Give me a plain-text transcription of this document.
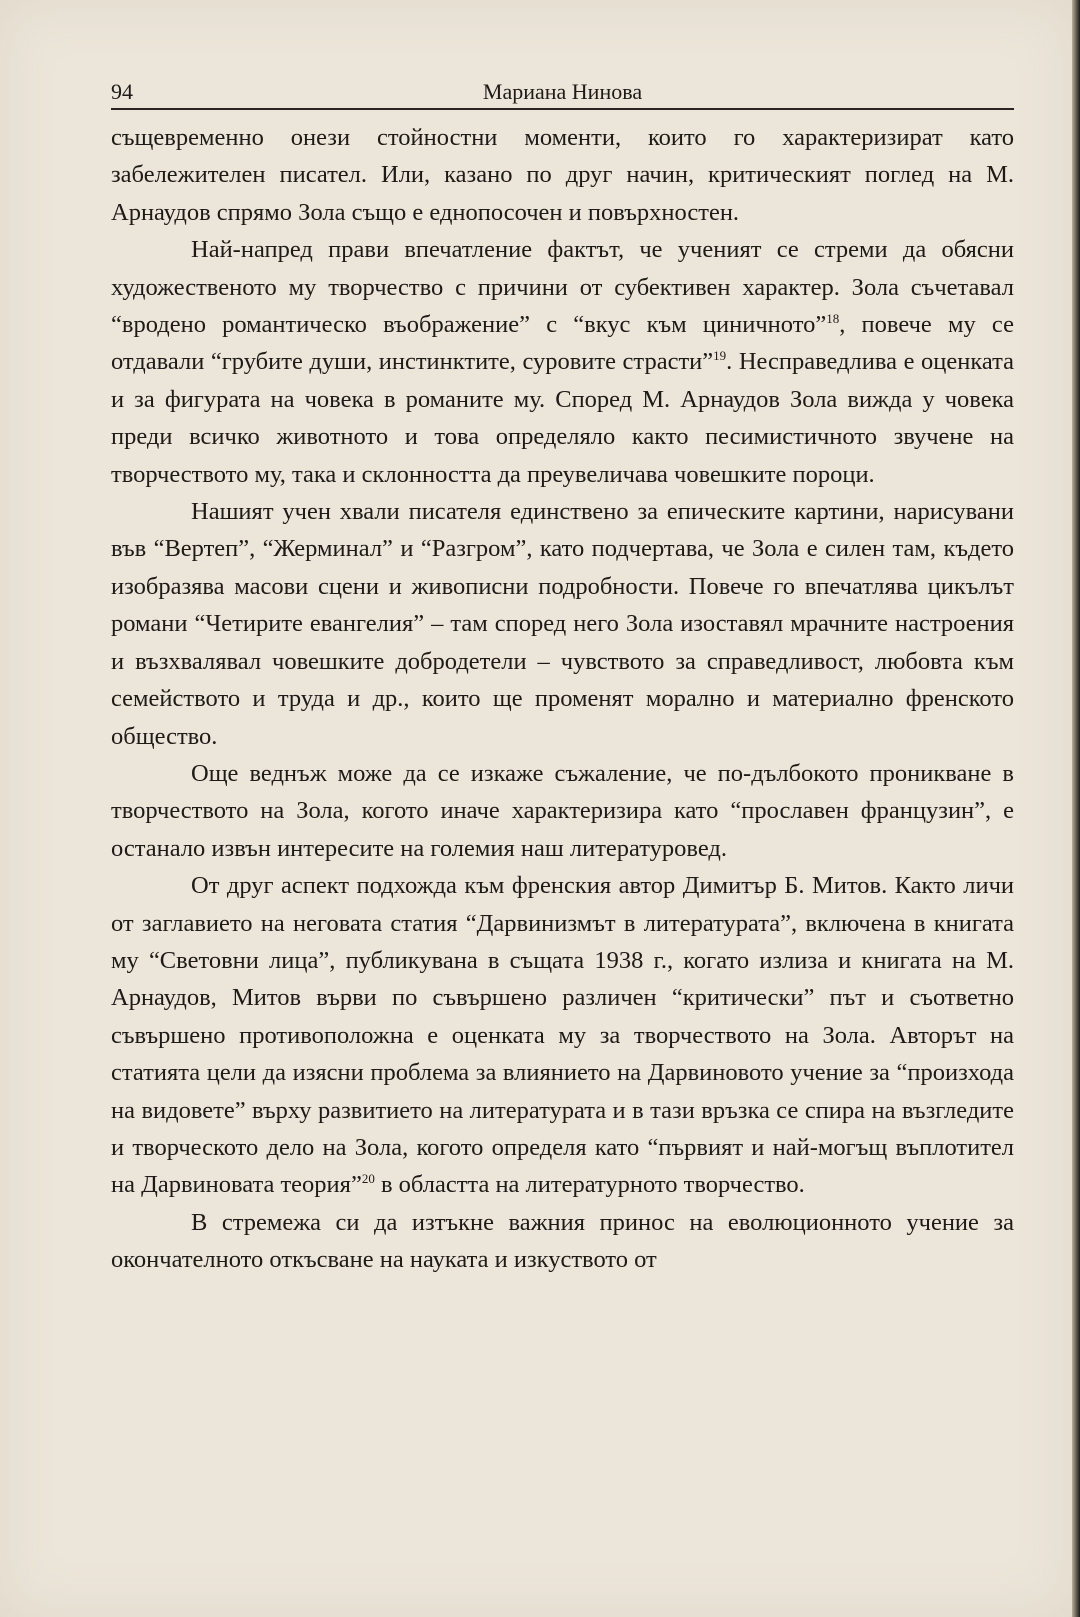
94	Мариана Нинова

същевременно онези стойностни моменти, които го характеризират като забележителен писател. Или, казано по друг начин, критическият поглед на М. Арнаудов спрямо Зола също е еднопосочен и повърхностен.

Най-напред прави впечатление фактът, че ученият се стреми да обясни художественото му творчество с причини от субективен характер. Зола съчетавал “вродено романтическо въображение” с “вкус към циничното”$^{18}$, повече му се отдавали “грубите души, инстинктите, суровите страсти”$^{19}$. Несправедлива е оценката и за фигурата на човека в романите му. Според М. Арнаудов Зола вижда у човека преди всичко животното и това определяло както песимистичното звучене на творчеството му, така и склонността да преувеличава човешките пороци.

Нашият учен хвали писателя единствено за епическите картини, нарисувани във “Вертеп”, “Жерминал” и “Разгром”, като подчертава, че Зола е силен там, където изобразява масови сцени и живописни подробности. Повече го впечатлява цикълът романи “Четирите евангелия” – там според него Зола изоставял мрачните настроения и възхвалявал човешките добродетели – чувството за справедливост, любовта към семейството и труда и др., които ще променят морално и материално френското общество.

Още веднъж може да се изкаже съжаление, че по-дълбокото проникване в творчеството на Зола, когото иначе характеризира като “прославен французин”, е останало извън интересите на големия наш литературовед.

От друг аспект подхожда към френския автор Димитър Б. Митов. Както личи от заглавието на неговата статия “Дарвинизмът в литературата”, включена в книгата му “Световни лица”, публикувана в същата 1938 г., когато излиза и книгата на М. Арнаудов, Митов върви по съвършено различен “критически” път и съответно съвършено противоположна е оценката му за творчеството на Зола. Авторът на статията цели да изясни проблема за влиянието на Дарвиновото учение за “произхода на видовете” върху развитието на литературата и в тази връзка се спира на възгледите и творческото дело на Зола, когото определя като “първият и най-могъщ въплотител на Дарвиновата теория”$^{20}$ в областта на литературното творчество.

В стремежа си да изтъкне важния принос на еволюционното учение за окончателното откъсване на науката и изкуството от
